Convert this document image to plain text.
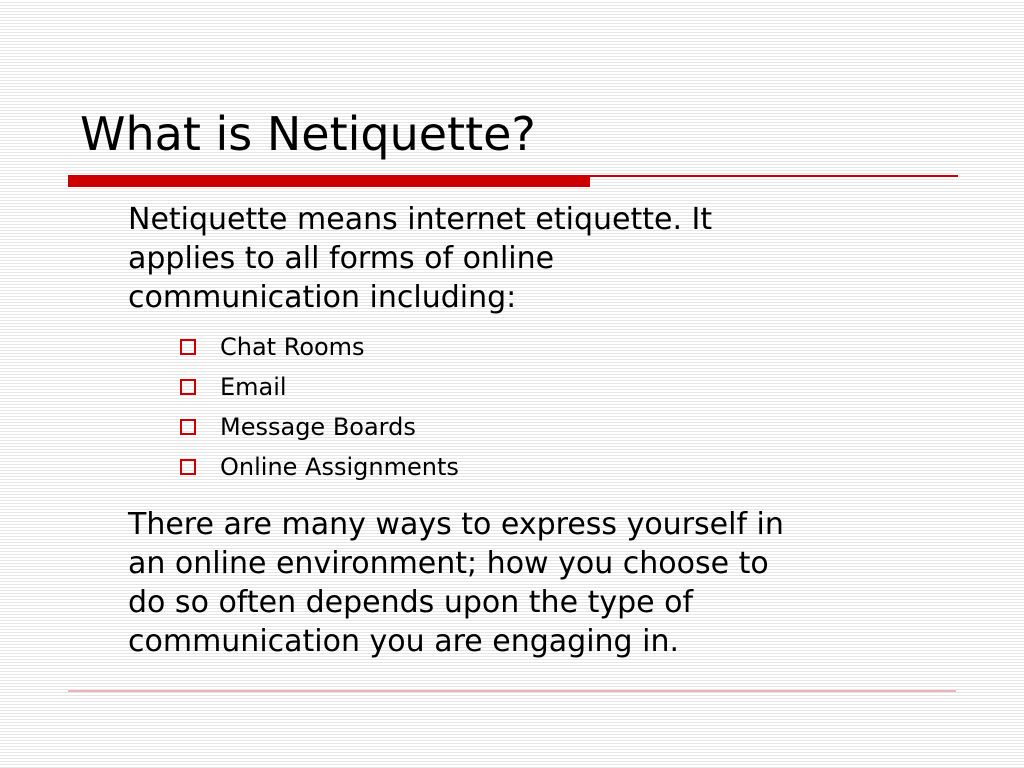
What is Netiquette?

Netiquette means internet etiquette. It
applies to all forms of online
communication including:

Chat Rooms
Email
Message Boards
Online Assignments

There are many ways to express yourself in
an online environment; how you choose to
do so often depends upon the type of
communication you are engaging in.
